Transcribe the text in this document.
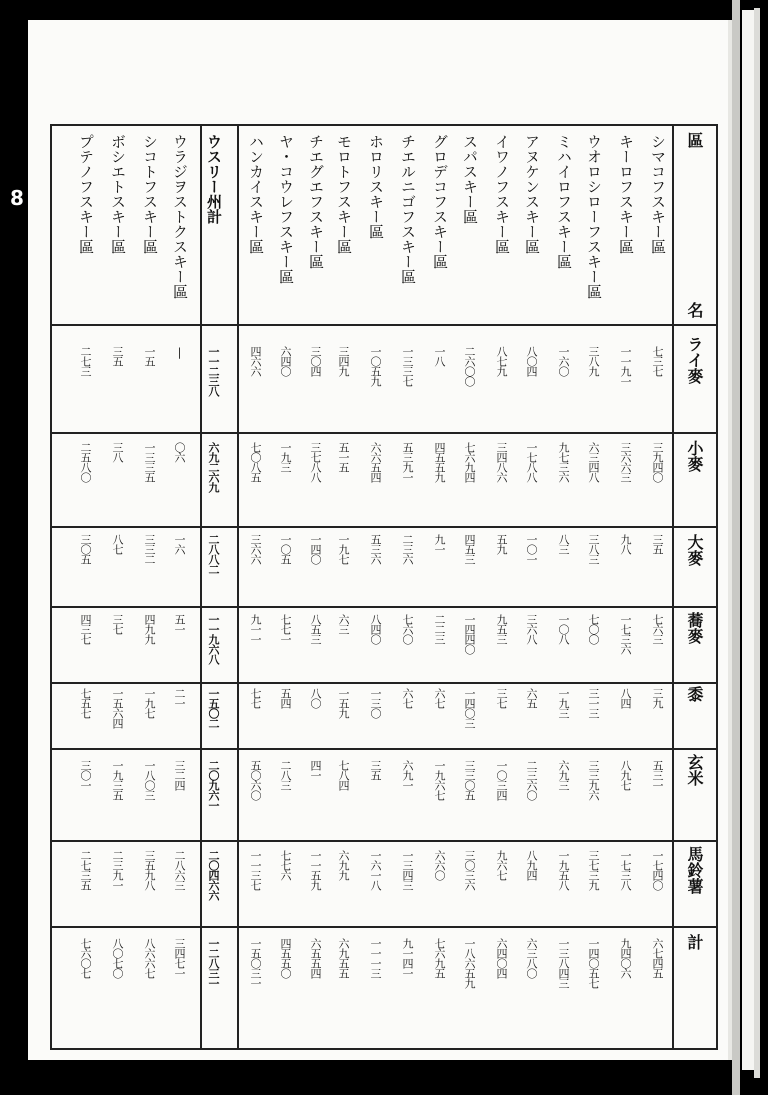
區
名
ライ麥
小麥
大麥
蕎麥
黍
玄米
馬鈴薯
計
シマコフスキー區
七三七
三九四〇
三五
七六三
三九
五三一
一七四〇
六七四五
キーロフスキー區
一一九一
三六六三
九八
一七三六
八四
八九七
一七三八
九四〇六
ウオロシローフスキー區
三八九
六三四八
三八三
七〇〇
三一三
三三九六
三七三九
一四〇五七
ミハイロフスキー區
一六〇
九七三六
八三
一〇八
一九三
六九三
一九五八
一三八四三
アヌケンスキー區
八〇四
一七八八
一〇一
三六八
六五
二三六〇
八九四
六三八〇
イワノフスキー區
八七九
三四八六
五九
九五三
三七
一〇三四
九六七
六四〇四
スパスキー區
二六〇〇
七六九四
四五三
一四四〇
一四〇三
三三〇五
三〇三六
一八六五九
グロデコフスキー區
一八
四五五九
九一
二二三
六七
一九六七
六六〇
七六九五
チエルニゴフスキー區
一三三七
五三九一
二三六
七六〇
六七
六九一
一三四三
九一四一
ホロリスキー區
一〇五九
六六五四
五三六
八四〇
一三〇
三五
一六一八
一一一三
モロトフスキー區
三四九
五一五
一九七
六三
一五九
七八四
六九九
六九五五
チエグエフスキー區
三〇四
三七八八
一四〇
八五三
八〇
四一
一一五九
六五五四
ヤ・コウレフスキー區
六四〇
一九三
一〇五
七七一
五四
二八三
七七六
四五五〇
ハンカイスキー區
四六六
七〇八五
三六六
九一一
七七
五〇六〇
一一三七
一五〇三一
ウスリー州計
一一二三八
六九二六九
二八八二
一一九六八
一五〇二
二〇九六一
二〇四六六
一二八三一
ウラジヲストクスキー區
|
〇六
一六
五一
二一
三二四
二八六三
三四七一
シコトフスキー區
一五
一三三五
三三二
四九九
一九七
一八〇三
三五九八
八六六七
ボシエトスキー區
三五
三八
八七
三七
一五六四
一九三五
二三九一
八〇七〇
プテノフスキー區
二七三
二五八〇
三〇五
四三七
七五七
三〇一
二七三五
七六〇七
8
